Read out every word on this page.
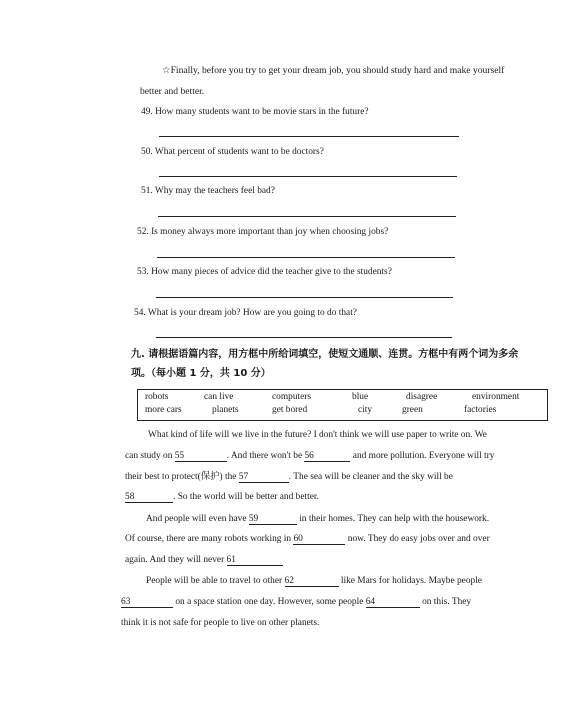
☆Finally, before you try to get your dream job, you should study hard and make yourself
better and better.
49. How many students want to be movie stars in the future?
50. What percent of students want to be doctors?
51. Why may the teachers feel bad?
52. Is money always more important than joy when choosing jobs?
53. How many pieces of advice did the teacher give to the students?
54. What is your dream job? How are you going to do that?
九. 请根据语篇内容，用方框中所给词填空，使短文通顺、连贯。方框中有两个词为多余
项。（每小题 1 分，共 10 分）
robots	can live	computers	blue	disagree	environment
more cars	planets	get bored	city	green	factories
What kind of life will we live in the future? I don't think we will use paper to write on. We
can study on 55	. And there won't be 56	and more pollution. Everyone will try
their best to protect(保护) the 57	. The sea will be cleaner and the sky will be
58	. So the world will be better and better.
And people will even have 59	in their homes. They can help with the housework.
Of course, there are many robots working in 60	now. They do easy jobs over and over
again. And they will never 61
People will be able to travel to other 62	like Mars for holidays. Maybe people
63	on a space station one day. However, some people 64	on this. They
think it is not safe for people to live on other planets.
